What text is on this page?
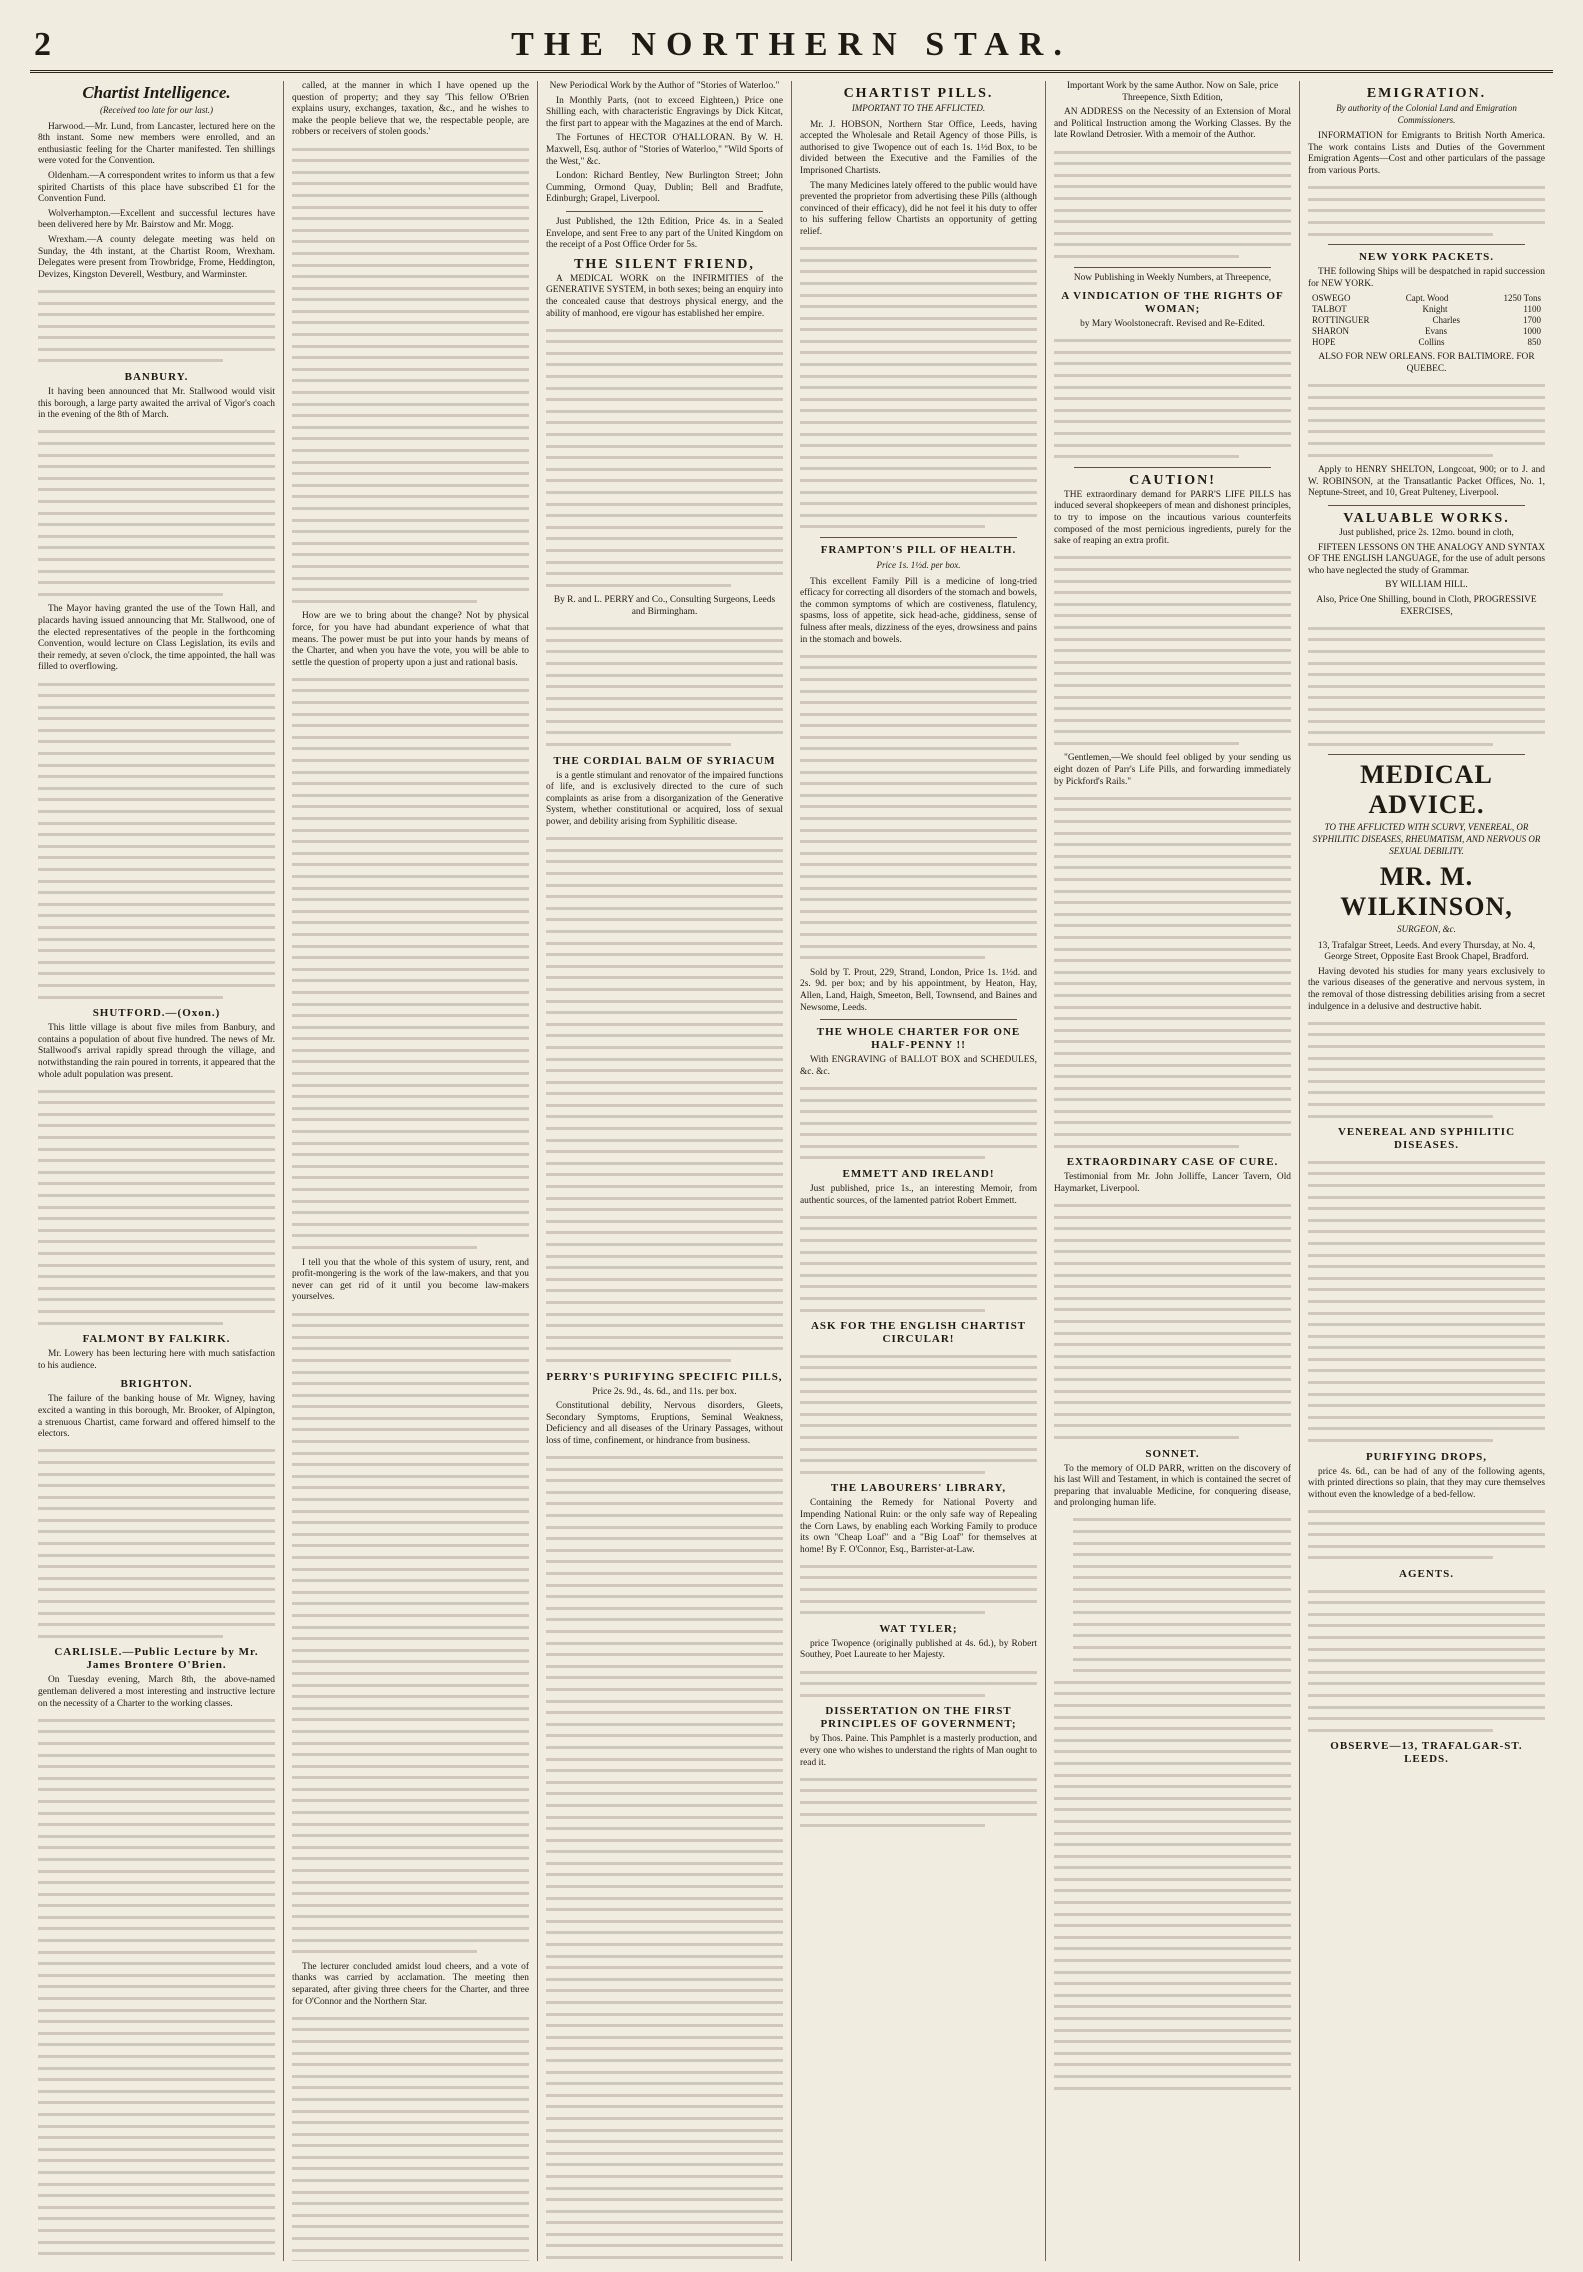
2	THE NORTHERN STAR.
Chartist Intelligence.
(Received too late for our last.)

Harwood.—Mr. Lund, from Lancaster, lectured here on the 8th instant. Some new members were enrolled, and an enthusiastic feeling for the Charter manifested. Ten shillings were voted for the Convention.

Oldenham.—A correspondent writes to inform us that a few spirited Chartists of this place have subscribed £1 for the Convention Fund.

Wolverhampton.—Excellent and successful lectures have been delivered here by Mr. Bairstow and Mr. Mogg.

Wrexham.—A county delegate meeting was held on Sunday, the 4th instant, at the Chartist Room, Wrexham. Delegates were present from Trowbridge, Frome, Heddington, Devizes, Kingston Deverell, Westbury, and Warminster.

BANBURY.

It having been announced that Mr. Stallwood would visit this borough, a large party awaited the arrival of Vigor's coach in the evening of the 8th of March.

The Mayor having granted the use of the Town Hall, and placards having issued announcing that Mr. Stallwood, one of the elected representatives of the people in the forthcoming Convention, would lecture on Class Legislation, its evils and their remedy, at seven o'clock, the time appointed, the hall was filled to overflowing.

SHUTFORD.—(Oxon.)

This little village is about five miles from Banbury, and contains a population of about five hundred. The news of Mr. Stallwood's arrival rapidly spread through the village, and notwithstanding the rain poured in torrents, it appeared that the whole adult population was present.

FALMONT BY FALKIRK.

Mr. Lowery has been lecturing here with much satisfaction to his audience.

BRIGHTON.

The failure of the banking house of Mr. Wigney, having excited a wanting in this borough, Mr. Brooker, of Alpington, a strenuous Chartist, came forward and offered himself to the electors.

CARLISLE.—Public Lecture by Mr. James Brontere O'Brien.

On Tuesday evening, March 8th, the above-named gentleman delivered a most interesting and instructive lecture on the necessity of a Charter to the working classes.

called, at the manner in which I have opened up the question of property; and they say 'This fellow O'Brien explains usury, exchanges, taxation, &c., and he wishes to make the people believe that we, the respectable people, are robbers or receivers of stolen goods.'

How are we to bring about the change? Not by physical force, for you have had abundant experience of what that means. The power must be put into your hands by means of the Charter, and when you have the vote, you will be able to settle the question of property upon a just and rational basis.

I tell you that the whole of this system of usury, rent, and profit-mongering is the work of the law-makers, and that you never can get rid of it until you become law-makers yourselves.

The lecturer concluded amidst loud cheers, and a vote of thanks was carried by acclamation. The meeting then separated, after giving three cheers for the Charter, and three for O'Connor and the Northern Star.

New Periodical Work by the Author of "Stories of Waterloo."

In Monthly Parts, (not to exceed Eighteen,) Price one Shilling each, with characteristic Engravings by Dick Kitcat, the first part to appear with the Magazines at the end of March.

The Fortunes of HECTOR O'HALLORAN. By W. H. Maxwell, Esq. author of "Stories of Waterloo," "Wild Sports of the West," &c.

London: Richard Bentley, New Burlington Street; John Cumming, Ormond Quay, Dublin; Bell and Bradfute, Edinburgh; Grapel, Liverpool.

Just Published, the 12th Edition, Price 4s. in a Sealed Envelope, and sent Free to any part of the United Kingdom on the receipt of a Post Office Order for 5s.

THE SILENT FRIEND,

A MEDICAL WORK on the INFIRMITIES of the GENERATIVE SYSTEM, in both sexes; being an enquiry into the concealed cause that destroys physical energy, and the ability of manhood, ere vigour has established her empire.

By R. and L. PERRY and Co., Consulting Surgeons, Leeds and Birmingham.

THE CORDIAL BALM OF SYRIACUM

is a gentle stimulant and renovator of the impaired functions of life, and is exclusively directed to the cure of such complaints as arise from a disorganization of the Generative System, whether constitutional or acquired, loss of sexual power, and debility arising from Syphilitic disease.

PERRY'S PURIFYING SPECIFIC PILLS,

Price 2s. 9d., 4s. 6d., and 11s. per box.

Constitutional debility, Nervous disorders, Gleets, Secondary Symptoms, Eruptions, Seminal Weakness, Deficiency and all diseases of the Urinary Passages, without loss of time, confinement, or hindrance from business.

CHARTIST PILLS.
IMPORTANT TO THE AFFLICTED.

Mr. J. HOBSON, Northern Star Office, Leeds, having accepted the Wholesale and Retail Agency of those Pills, is authorised to give Twopence out of each 1s. 1½d Box, to be divided between the Executive and the Families of the Imprisoned Chartists.

The many Medicines lately offered to the public would have prevented the proprietor from advertising these Pills (although convinced of their efficacy), did he not feel it his duty to offer to his suffering fellow Chartists an opportunity of getting relief.

FRAMPTON'S PILL OF HEALTH.
Price 1s. 1½d. per box.

This excellent Family Pill is a medicine of long-tried efficacy for correcting all disorders of the stomach and bowels, the common symptoms of which are costiveness, flatulency, spasms, loss of appetite, sick head-ache, giddiness, sense of fulness after meals, dizziness of the eyes, drowsiness and pains in the stomach and bowels.

Sold by T. Prout, 229, Strand, London, Price 1s. 1½d. and 2s. 9d. per box; and by his appointment, by Heaton, Hay, Allen, Land, Haigh, Smeeton, Bell, Townsend, and Baines and Newsome, Leeds.

THE WHOLE CHARTER FOR ONE HALF-PENNY !!

With ENGRAVING of BALLOT BOX and SCHEDULES, &c. &c.

EMMETT AND IRELAND!

Just published, price 1s., an interesting Memoir, from authentic sources, of the lamented patriot Robert Emmett.

ASK FOR THE ENGLISH CHARTIST CIRCULAR!
THE LABOURERS' LIBRARY,

Containing the Remedy for National Poverty and Impending National Ruin: or the only safe way of Repealing the Corn Laws, by enabling each Working Family to produce its own "Cheap Loaf" and a "Big Loaf" for themselves at home! By F. O'Connor, Esq., Barrister-at-Law.

WAT TYLER;

price Twopence (originally published at 4s. 6d.), by Robert Southey, Poet Laureate to her Majesty.

DISSERTATION ON THE FIRST PRINCIPLES OF GOVERNMENT;

by Thos. Paine. This Pamphlet is a masterly production, and every one who wishes to understand the rights of Man ought to read it.

Important Work by the same Author. Now on Sale, price Threepence, Sixth Edition,

AN ADDRESS on the Necessity of an Extension of Moral and Political Instruction among the Working Classes. By the late Rowland Detrosier. With a memoir of the Author.

Now Publishing in Weekly Numbers, at Threepence,

A VINDICATION OF THE RIGHTS OF WOMAN;

by Mary Woolstonecraft. Revised and Re-Edited.

CAUTION!

THE extraordinary demand for PARR'S LIFE PILLS has induced several shopkeepers of mean and dishonest principles, to try to impose on the incautious various counterfeits composed of the most pernicious ingredients, purely for the sake of reaping an extra profit.

"Gentlemen,—We should feel obliged by your sending us eight dozen of Parr's Life Pills, and forwarding immediately by Pickford's Rails."

EXTRAORDINARY CASE OF CURE.

Testimonial from Mr. John Jolliffe, Lancer Tavern, Old Haymarket, Liverpool.

SONNET.

To the memory of OLD PARR, written on the discovery of his last Will and Testament, in which is contained the secret of preparing that invaluable Medicine, for conquering disease, and prolonging human life.

EMIGRATION.
By authority of the Colonial Land and Emigration Commissioners.

INFORMATION for Emigrants to British North America. The work contains Lists and Duties of the Government Emigration Agents—Cost and other particulars of the passage from various Ports.

NEW YORK PACKETS.

THE following Ships will be despatched in rapid succession for NEW YORK.

OSWEGO	Capt. Wood	1250 Tons
TALBOT	Knight	1100
ROTTINGUER	Charles	1700
SHARON	Evans	1000
HOPE	Collins	850

ALSO FOR NEW ORLEANS. FOR BALTIMORE. FOR QUEBEC.

Apply to HENRY SHELTON, Longcoat, 900; or to J. and W. ROBINSON, at the Transatlantic Packet Offices, No. 1, Neptune-Street, and 10, Great Pulteney, Liverpool.

VALUABLE WORKS.

Just published, price 2s. 12mo. bound in cloth,

FIFTEEN LESSONS ON THE ANALOGY AND SYNTAX OF THE ENGLISH LANGUAGE, for the use of adult persons who have neglected the study of Grammar.

BY WILLIAM HILL.

Also, Price One Shilling, bound in Cloth, PROGRESSIVE EXERCISES,

MEDICAL ADVICE.
TO THE AFFLICTED WITH SCURVY, VENEREAL, OR SYPHILITIC DISEASES, RHEUMATISM, AND NERVOUS OR SEXUAL DEBILITY.
MR. M. WILKINSON,
SURGEON, &c.

13, Trafalgar Street, Leeds. And every Thursday, at No. 4, George Street, Opposite East Brook Chapel, Bradford.

Having devoted his studies for many years exclusively to the various diseases of the generative and nervous system, in the removal of those distressing debilities arising from a secret indulgence in a delusive and destructive habit.

VENEREAL AND SYPHILITIC DISEASES.
PURIFYING DROPS,

price 4s. 6d., can be had of any of the following agents, with printed directions so plain, that they may cure themselves without even the knowledge of a bed-fellow.

AGENTS.
OBSERVE—13, TRAFALGAR-ST. LEEDS.
